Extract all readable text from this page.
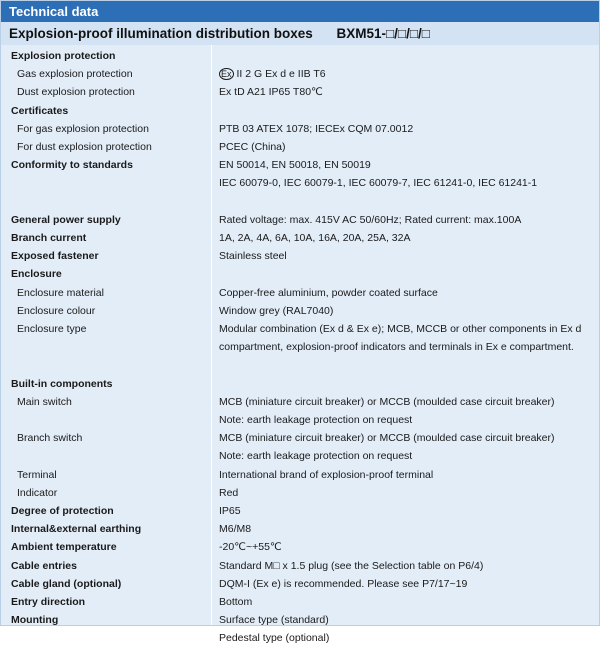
Technical data
Explosion-proof illumination distribution boxes BXM51-□/□/□/□
Explosion protection
Gas explosion protection	Ex II 2 G Ex d e IIB T6
Dust explosion protection	Ex tD A21 IP65 T80℃
Certificates
For gas explosion protection	PTB 03 ATEX 1078; IECEx CQM 07.0012
For dust explosion protection	PCEC (China)
Conformity to standards	EN 50014, EN 50018, EN 50019
IEC 60079-0, IEC 60079-1, IEC 60079-7, IEC 61241-0, IEC 61241-1
General power supply	Rated voltage: max. 415V AC 50/60Hz; Rated current: max.100A
Branch current	1A, 2A, 4A, 6A, 10A, 16A, 20A, 25A, 32A
Exposed fastener	Stainless steel
Enclosure
Enclosure material	Copper-free aluminium, powder coated surface
Enclosure colour	Window grey (RAL7040)
Enclosure type	Modular combination (Ex d & Ex e); MCB, MCCB or other components in Ex d
compartment, explosion-proof indicators and terminals in Ex e compartment.
Built-in components
Main switch	MCB (miniature circuit breaker) or MCCB (moulded case circuit breaker)
Note: earth leakage protection on request
Branch switch	MCB (miniature circuit breaker) or MCCB (moulded case circuit breaker)
Note: earth leakage protection on request
Terminal	International brand of explosion-proof terminal
Indicator	Red
Degree of protection	IP65
Internal&external earthing	M6/M8
Ambient temperature	-20℃~+55℃
Cable entries	Standard M□ x 1.5 plug (see the Selection table on P6/4)
Cable gland (optional)	DQM-I (Ex e) is recommended. Please see P7/17~19
Entry direction	Bottom
Mounting	Surface type (standard)
Pedestal type (optional)
